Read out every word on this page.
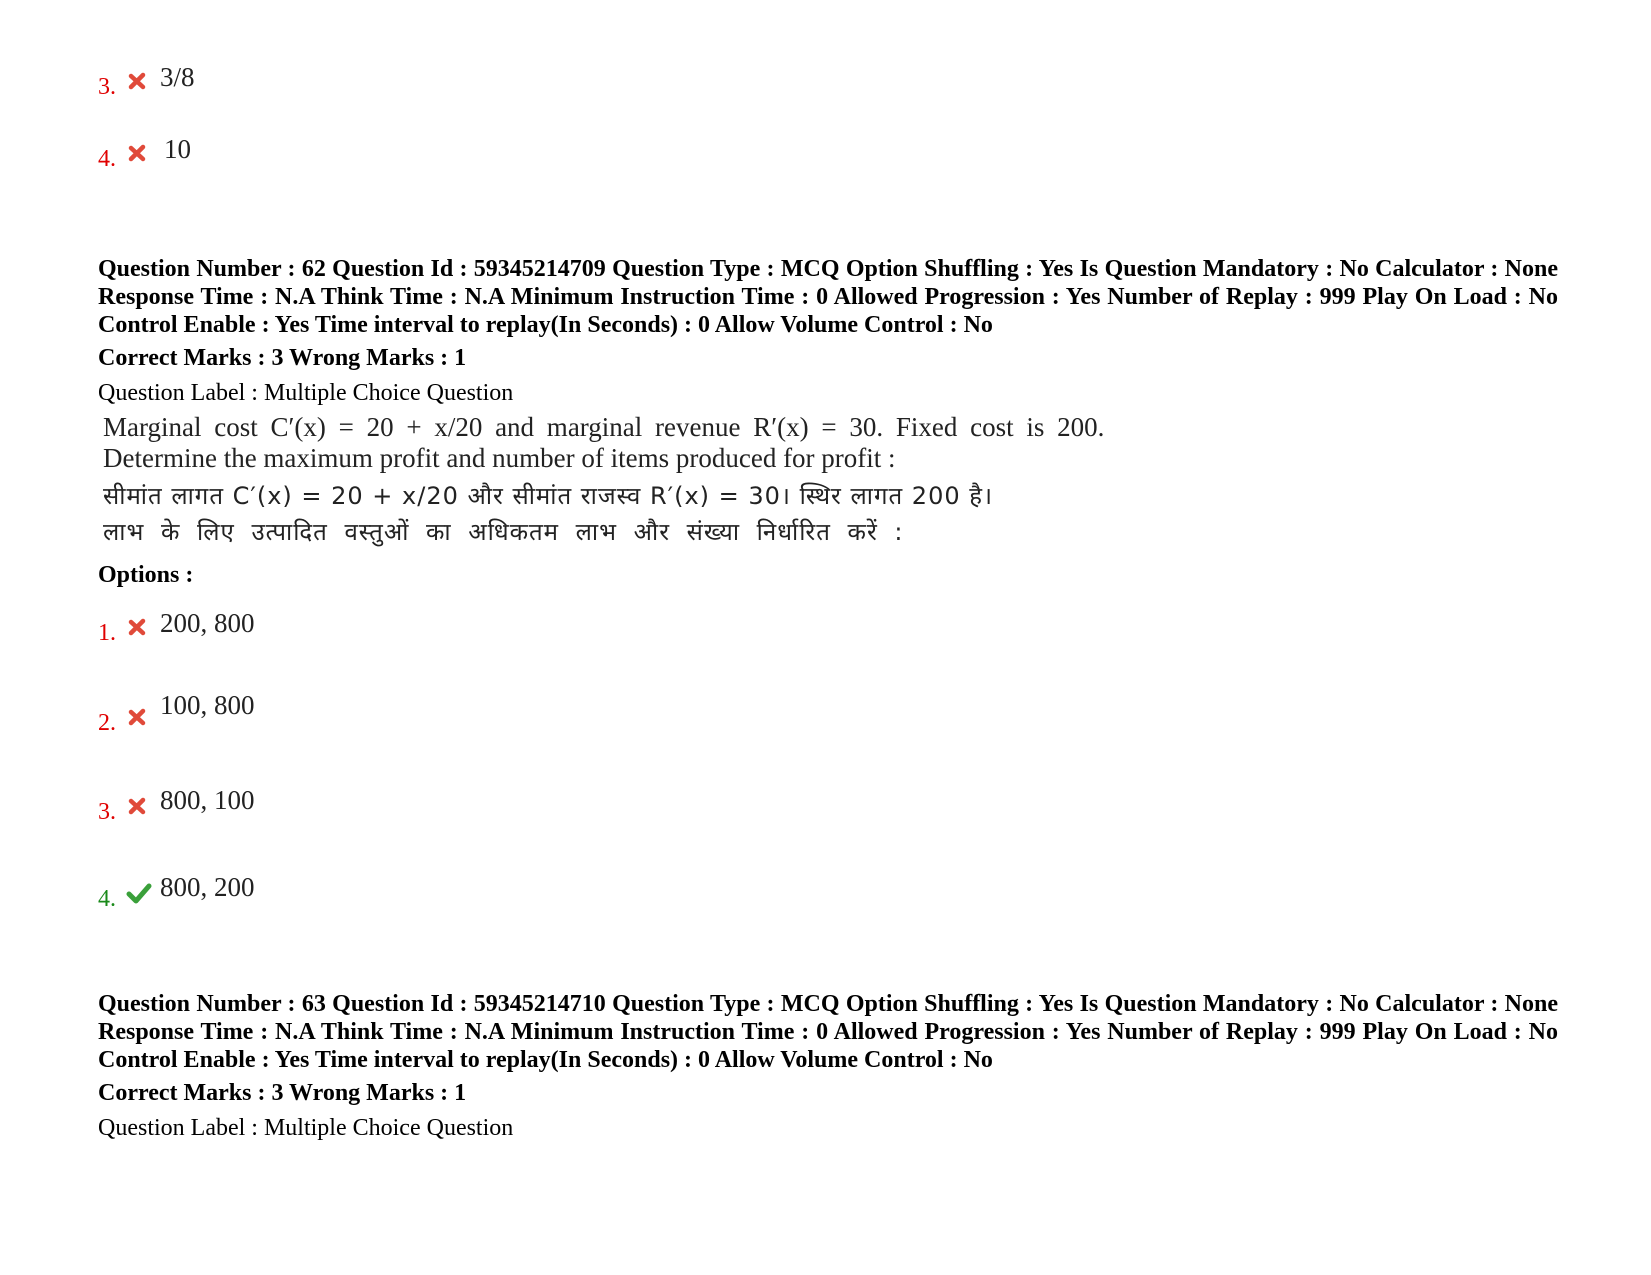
3. 3/8
4. 10
Question Number : 62 Question Id : 59345214709 Question Type : MCQ Option Shuffling : Yes Is Question Mandatory : No Calculator : None Response Time : N.A Think Time : N.A Minimum Instruction Time : 0 Allowed Progression : Yes Number of Replay : 999 Play On Load : No Control Enable : Yes Time interval to replay(In Seconds) : 0 Allow Volume Control : No
Correct Marks : 3 Wrong Marks : 1
Question Label : Multiple Choice Question
Marginal cost C′(x) = 20 + x/20 and marginal revenue R′(x) = 30. Fixed cost is 200.
Determine the maximum profit and number of items produced for profit :
सीमांत लागत C′(x) = 20 + x/20 और सीमांत राजस्व R′(x) = 30। स्थिर लागत 200 है।
लाभ के लिए उत्पादित वस्तुओं का अधिकतम लाभ और संख्या निर्धारित करें :
Options :
1. 200, 800
2.
100, 800
3. 800, 100
4. 800, 200
Question Number : 63 Question Id : 59345214710 Question Type : MCQ Option Shuffling : Yes Is Question Mandatory : No Calculator : None Response Time : N.A Think Time : N.A Minimum Instruction Time : 0 Allowed Progression : Yes Number of Replay : 999 Play On Load : No Control Enable : Yes Time interval to replay(In Seconds) : 0 Allow Volume Control : No
Correct Marks : 3 Wrong Marks : 1
Question Label : Multiple Choice Question
